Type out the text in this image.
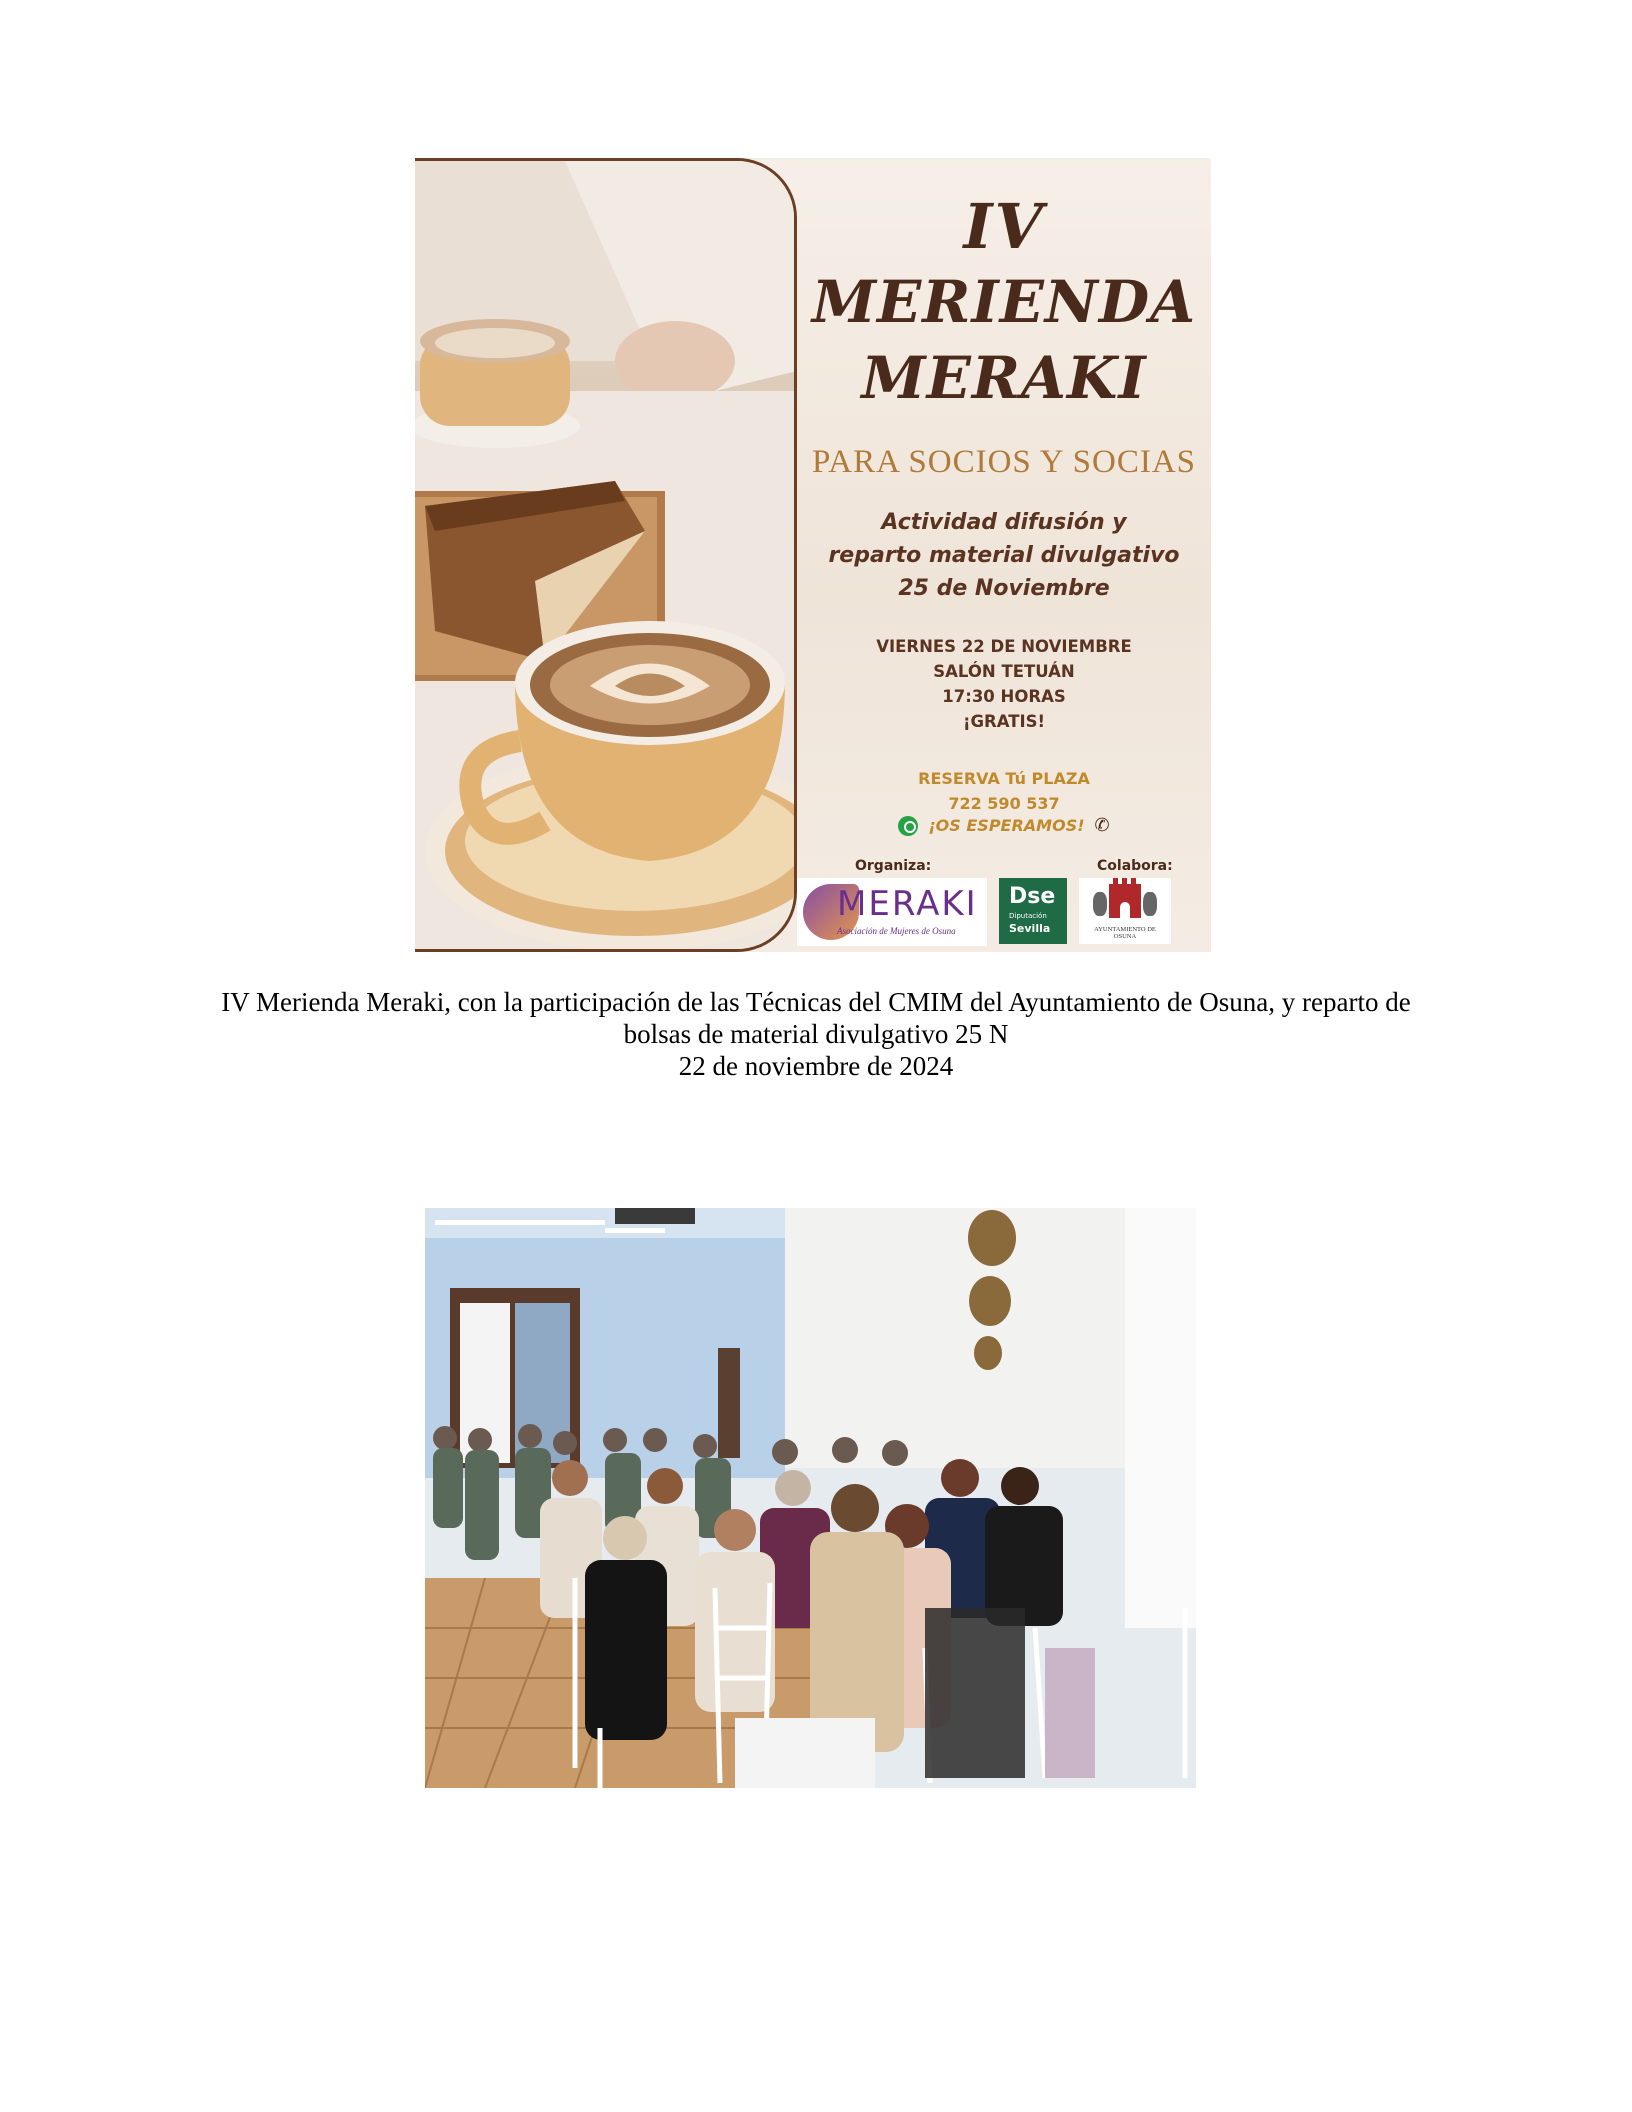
IV
MERIENDA
MERAKI
PARA SOCIOS Y SOCIAS
Actividad difusión y
reparto material divulgativo
25 de Noviembre
VIERNES 22 DE NOVIEMBRE
SALÓN TETUÁN
17:30 HORAS
¡GRATIS!
RESERVA Tú PLAZA
722 590 537
¡OS ESPERAMOS! ✆
Organiza:	Colabora:
MERAKI
Asociación de Mujeres de Osuna
Dse
Diputación
Sevilla	AYUNTAMIENTO DE OSUNA
IV Merienda Meraki, con la participación de las Técnicas del CMIM del Ayuntamiento de Osuna, y reparto de
bolsas de material divulgativo 25 N
22 de noviembre de 2024
